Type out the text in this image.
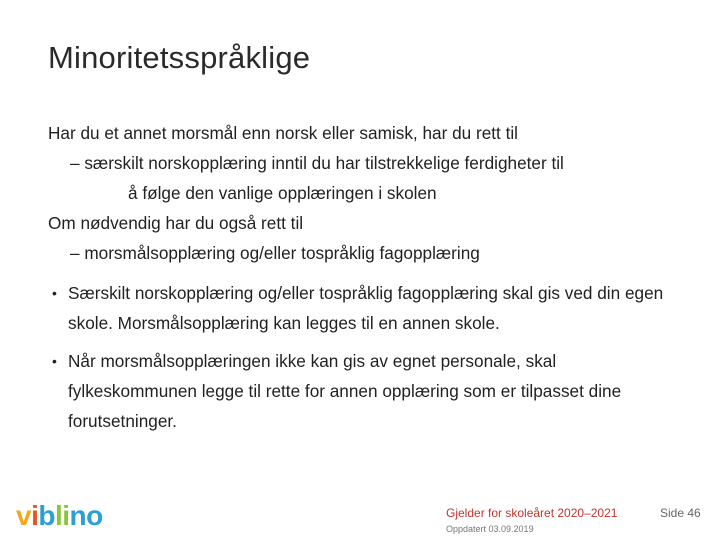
Minoritetsspråklige
Har du et annet morsmål enn norsk eller samisk, har du rett til
– særskilt norskopplæring inntil du har tilstrekkelige ferdigheter til
å følge den vanlige opplæringen i skolen
Om nødvendig har du også rett til
– morsmålsopplæring og/eller tospråklig fagopplæring
• Særskilt norskopplæring og/eller tospråklig fagopplæring skal gis ved din egen skole. Morsmålsopplæring kan legges til en annen skole.
• Når morsmålsopplæringen ikke kan gis av egnet personale, skal fylkeskommunen legge til rette for annen opplæring som er tilpasset dine forutsetninger.
viblino	Gjelder for skoleåret 2020–2021
Oppdatert 03.09.2019
Side 46
